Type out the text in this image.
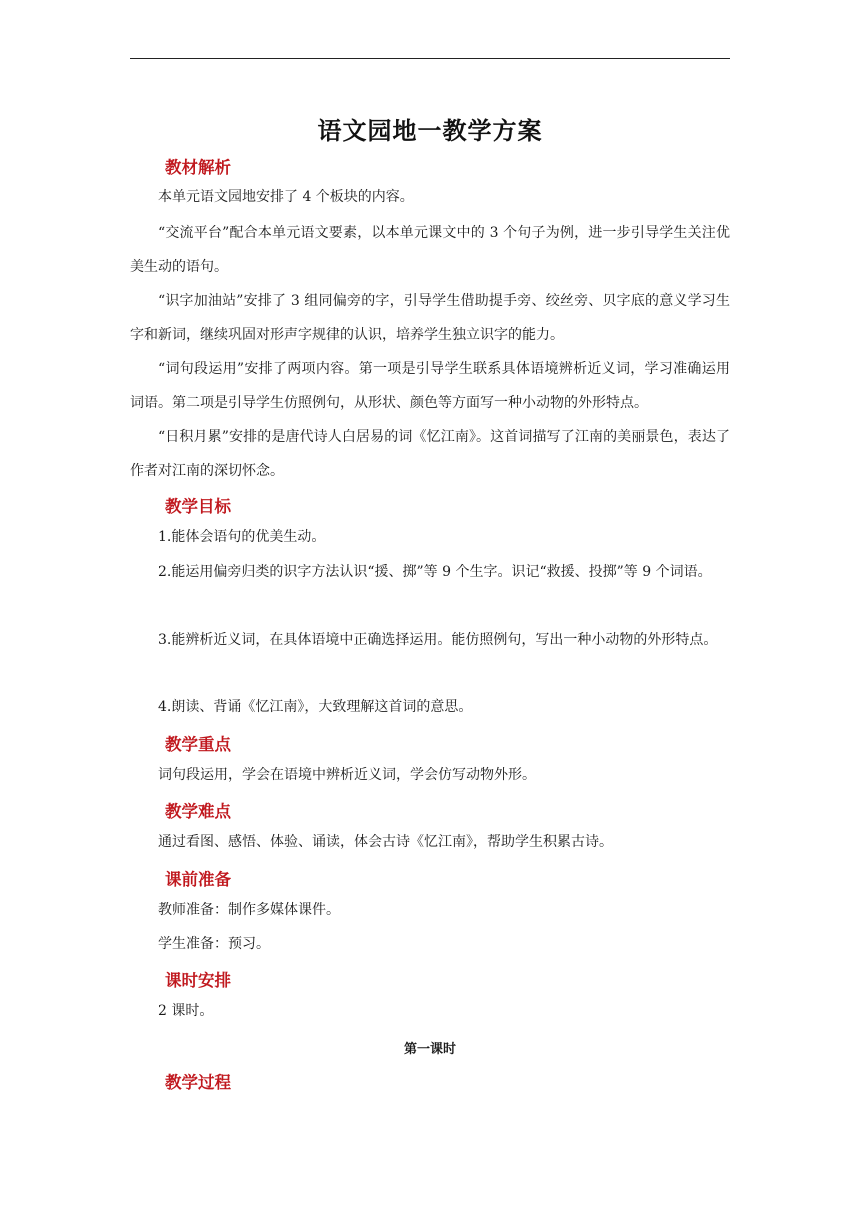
语文园地一教学方案
教材解析

本单元语文园地安排了 4 个板块的内容。

“交流平台”配合本单元语文要素，以本单元课文中的 3 个句子为例，进一步引导学生关注优美生动的语句。

“识字加油站”安排了 3 组同偏旁的字，引导学生借助提手旁、绞丝旁、贝字底的意义学习生字和新词，继续巩固对形声字规律的认识，培养学生独立识字的能力。

“词句段运用”安排了两项内容。第一项是引导学生联系具体语境辨析近义词，学习准确运用词语。第二项是引导学生仿照例句，从形状、颜色等方面写一种小动物的外形特点。

“日积月累”安排的是唐代诗人白居易的词《忆江南》。这首词描写了江南的美丽景色，表达了作者对江南的深切怀念。

教学目标

1.能体会语句的优美生动。

2.能运用偏旁归类的识字方法认识“援、掷”等 9 个生字。识记“救援、投掷”等 9 个词语。

3.能辨析近义词，在具体语境中正确选择运用。能仿照例句，写出一种小动物的外形特点。

4.朗读、背诵《忆江南》，大致理解这首词的意思。

教学重点

词句段运用，学会在语境中辨析近义词，学会仿写动物外形。

教学难点

通过看图、感悟、体验、诵读，体会古诗《忆江南》，帮助学生积累古诗。

课前准备

教师准备：制作多媒体课件。

学生准备：预习。

课时安排

2 课时。

第一课时
教学过程
